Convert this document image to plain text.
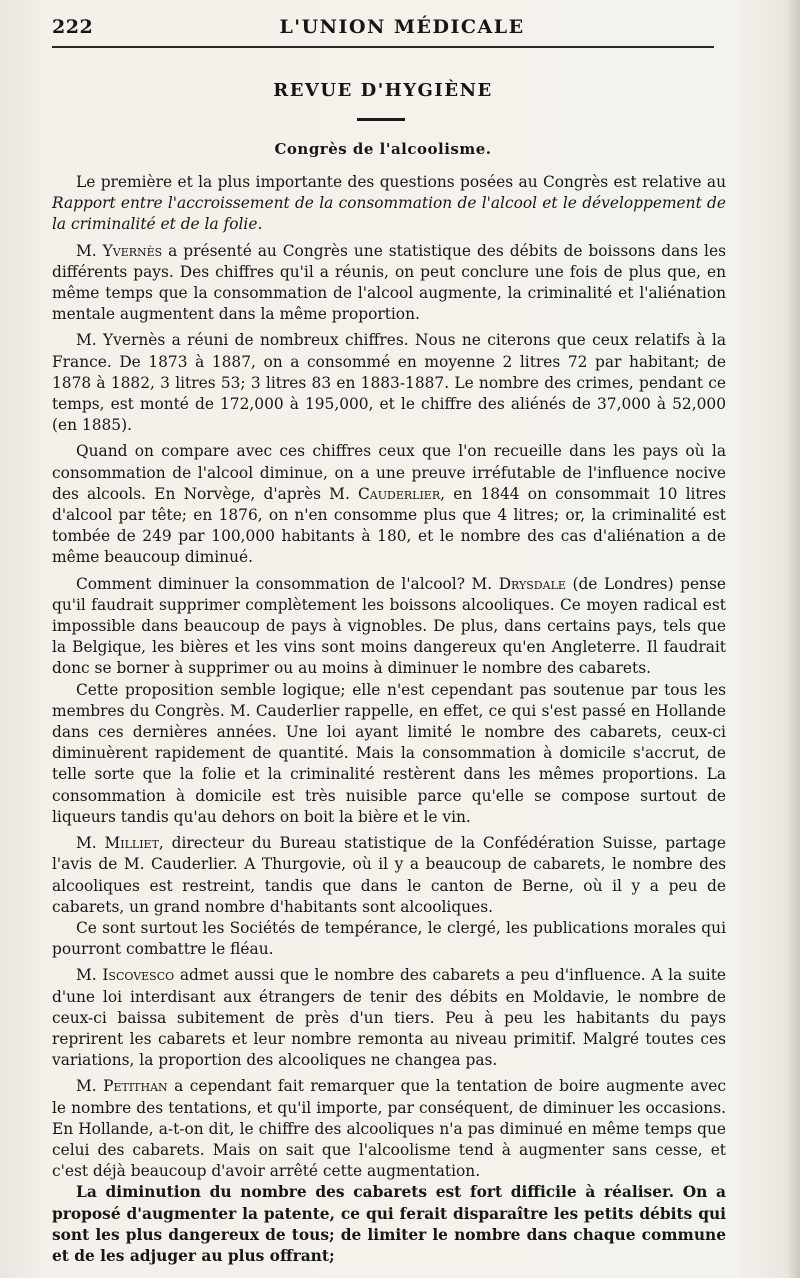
222	L'UNION MÉDICALE
REVUE D'HYGIÈNE
Congrès de l'alcoolisme.

Le première et la plus importante des questions posées au Congrès est relative au Rapport entre l'accroissement de la consommation de l'alcool et le développement de la criminalité et de la folie.

M. Yvernès a présenté au Congrès une statistique des débits de boissons dans les différents pays. Des chiffres qu'il a réunis, on peut conclure une fois de plus que, en même temps que la consommation de l'alcool augmente, la criminalité et l'aliénation mentale augmentent dans la même proportion.

M. Yvernès a réuni de nombreux chiffres. Nous ne citerons que ceux relatifs à la France. De 1873 à 1887, on a consommé en moyenne 2 litres 72 par habitant; de 1878 à 1882, 3 litres 53; 3 litres 83 en 1883-1887. Le nombre des crimes, pendant ce temps, est monté de 172,000 à 195,000, et le chiffre des aliénés de 37,000 à 52,000 (en 1885).

Quand on compare avec ces chiffres ceux que l'on recueille dans les pays où la consommation de l'alcool diminue, on a une preuve irréfutable de l'influence nocive des alcools. En Norvège, d'après M. Cauderlier, en 1844 on consommait 10 litres d'alcool par tête; en 1876, on n'en consomme plus que 4 litres; or, la criminalité est tombée de 249 par 100,000 habitants à 180, et le nombre des cas d'aliénation a de même beaucoup diminué.

Comment diminuer la consommation de l'alcool? M. Drysdale (de Londres) pense qu'il faudrait supprimer complètement les boissons alcooliques. Ce moyen radical est impossible dans beaucoup de pays à vignobles. De plus, dans certains pays, tels que la Belgique, les bières et les vins sont moins dangereux qu'en Angleterre. Il faudrait donc se borner à supprimer ou au moins à diminuer le nombre des cabarets.

Cette proposition semble logique; elle n'est cependant pas soutenue par tous les membres du Congrès. M. Cauderlier rappelle, en effet, ce qui s'est passé en Hollande dans ces dernières années. Une loi ayant limité le nombre des cabarets, ceux-ci diminuèrent rapidement de quantité. Mais la consommation à domicile s'accrut, de telle sorte que la folie et la criminalité restèrent dans les mêmes proportions. La consommation à domicile est très nuisible parce qu'elle se compose surtout de liqueurs tandis qu'au dehors on boit la bière et le vin.

M. Milliet, directeur du Bureau statistique de la Confédération Suisse, partage l'avis de M. Cauderlier. A Thurgovie, où il y a beaucoup de cabarets, le nombre des alcooliques est restreint, tandis que dans le canton de Berne, où il y a peu de cabarets, un grand nombre d'habitants sont alcooliques.

Ce sont surtout les Sociétés de tempérance, le clergé, les publications morales qui pourront combattre le fléau.

M. Iscovesco admet aussi que le nombre des cabarets a peu d'influence. A la suite d'une loi interdisant aux étrangers de tenir des débits en Moldavie, le nombre de ceux-ci baissa subitement de près d'un tiers. Peu à peu les habitants du pays reprirent les cabarets et leur nombre remonta au niveau primitif. Malgré toutes ces variations, la proportion des alcooliques ne changea pas.

M. Petithan a cependant fait remarquer que la tentation de boire augmente avec le nombre des tentations, et qu'il importe, par conséquent, de diminuer les occasions. En Hollande, a-t-on dit, le chiffre des alcooliques n'a pas diminué en même temps que celui des cabarets. Mais on sait que l'alcoolisme tend à augmenter sans cesse, et c'est déjà beaucoup d'avoir arrêté cette augmentation.

La diminution du nombre des cabarets est fort difficile à réaliser. On a proposé d'augmenter la patente, ce qui ferait disparaître les petits débits qui sont les plus dangereux de tous; de limiter le nombre dans chaque commune et de les adjuger au plus offrant;
